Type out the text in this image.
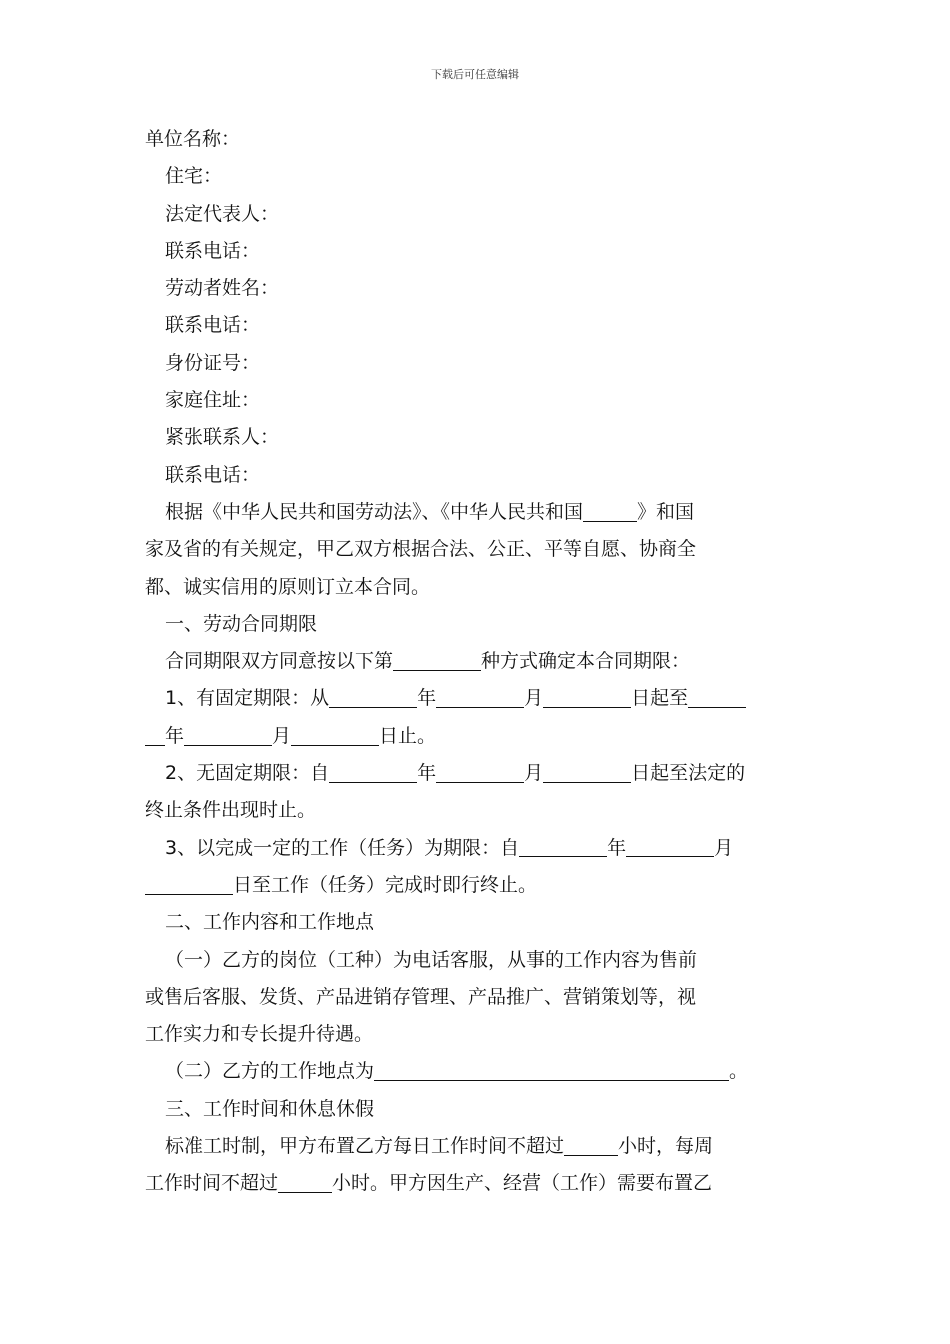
下载后可任意编辑
单位名称：
住宅：
法定代表人：
联系电话：
劳动者姓名：
联系电话：
身份证号：
家庭住址：
紧张联系人：
联系电话：
根据《中华人民共和国劳动法》、《中华人民共和国	》和国
家及省的有关规定，甲乙双方根据合法、公正、平等自愿、协商全
都、诚实信用的原则订立本合同。
一、劳动合同期限
合同期限双方同意按以下第	种方式确定本合同期限：
1、有固定期限：从	年	月	日起至
年	月	日止。
2、无固定期限：自	年	月	日起至法定的
终止条件出现时止。
3、以完成一定的工作（任务）为期限：自	年	月
日至工作（任务）完成时即行终止。
二、工作内容和工作地点
（一）乙方的岗位（工种）为电话客服，从事的工作内容为售前
或售后客服、发货、产品进销存管理、产品推广、营销策划等，视
工作实力和专长提升待遇。
（二）乙方的工作地点为	。
三、工作时间和休息休假
标准工时制，甲方布置乙方每日工作时间不超过	小时，每周
工作时间不超过	小时。甲方因生产、经营（工作）需要布置乙
